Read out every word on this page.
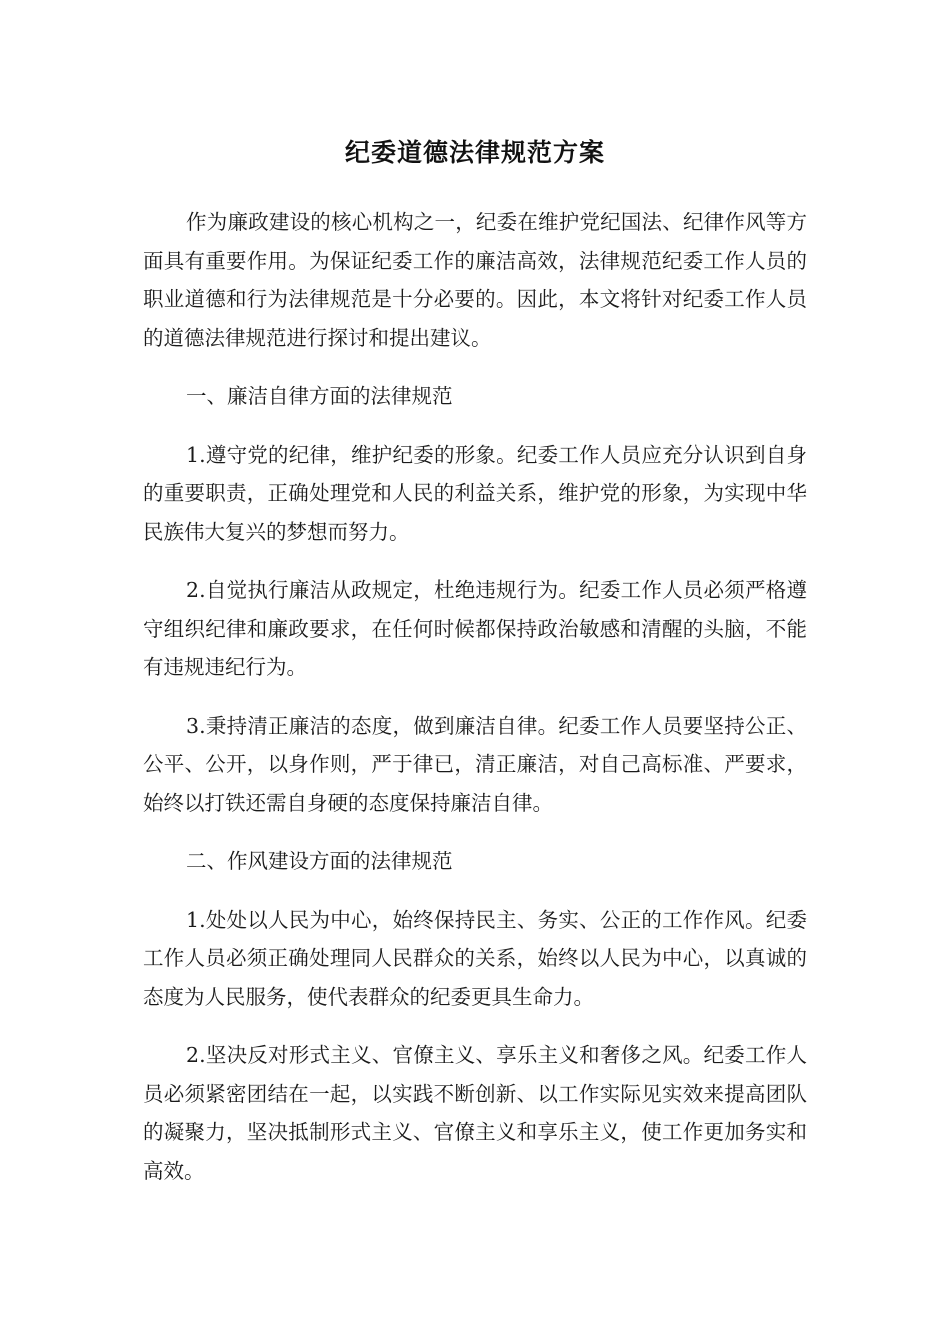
纪委道德法律规范方案

作为廉政建设的核心机构之一，纪委在维护党纪国法、纪律作风等方面具有重要作用。为保证纪委工作的廉洁高效，法律规范纪委工作人员的职业道德和行为法律规范是十分必要的。因此，本文将针对纪委工作人员的道德法律规范进行探讨和提出建议。

一、廉洁自律方面的法律规范

1.遵守党的纪律，维护纪委的形象。纪委工作人员应充分认识到自身的重要职责，正确处理党和人民的利益关系，维护党的形象，为实现中华民族伟大复兴的梦想而努力。

2.自觉执行廉洁从政规定，杜绝违规行为。纪委工作人员必须严格遵守组织纪律和廉政要求，在任何时候都保持政治敏感和清醒的头脑，不能有违规违纪行为。

3.秉持清正廉洁的态度，做到廉洁自律。纪委工作人员要坚持公正、公平、公开，以身作则，严于律已，清正廉洁，对自己高标准、严要求，始终以打铁还需自身硬的态度保持廉洁自律。

二、作风建设方面的法律规范

1.处处以人民为中心，始终保持民主、务实、公正的工作作风。纪委工作人员必须正确处理同人民群众的关系，始终以人民为中心，以真诚的态度为人民服务，使代表群众的纪委更具生命力。

2.坚决反对形式主义、官僚主义、享乐主义和奢侈之风。纪委工作人员必须紧密团结在一起，以实践不断创新、以工作实际见实效来提高团队的凝聚力，坚决抵制形式主义、官僚主义和享乐主义，使工作更加务实和高效。
